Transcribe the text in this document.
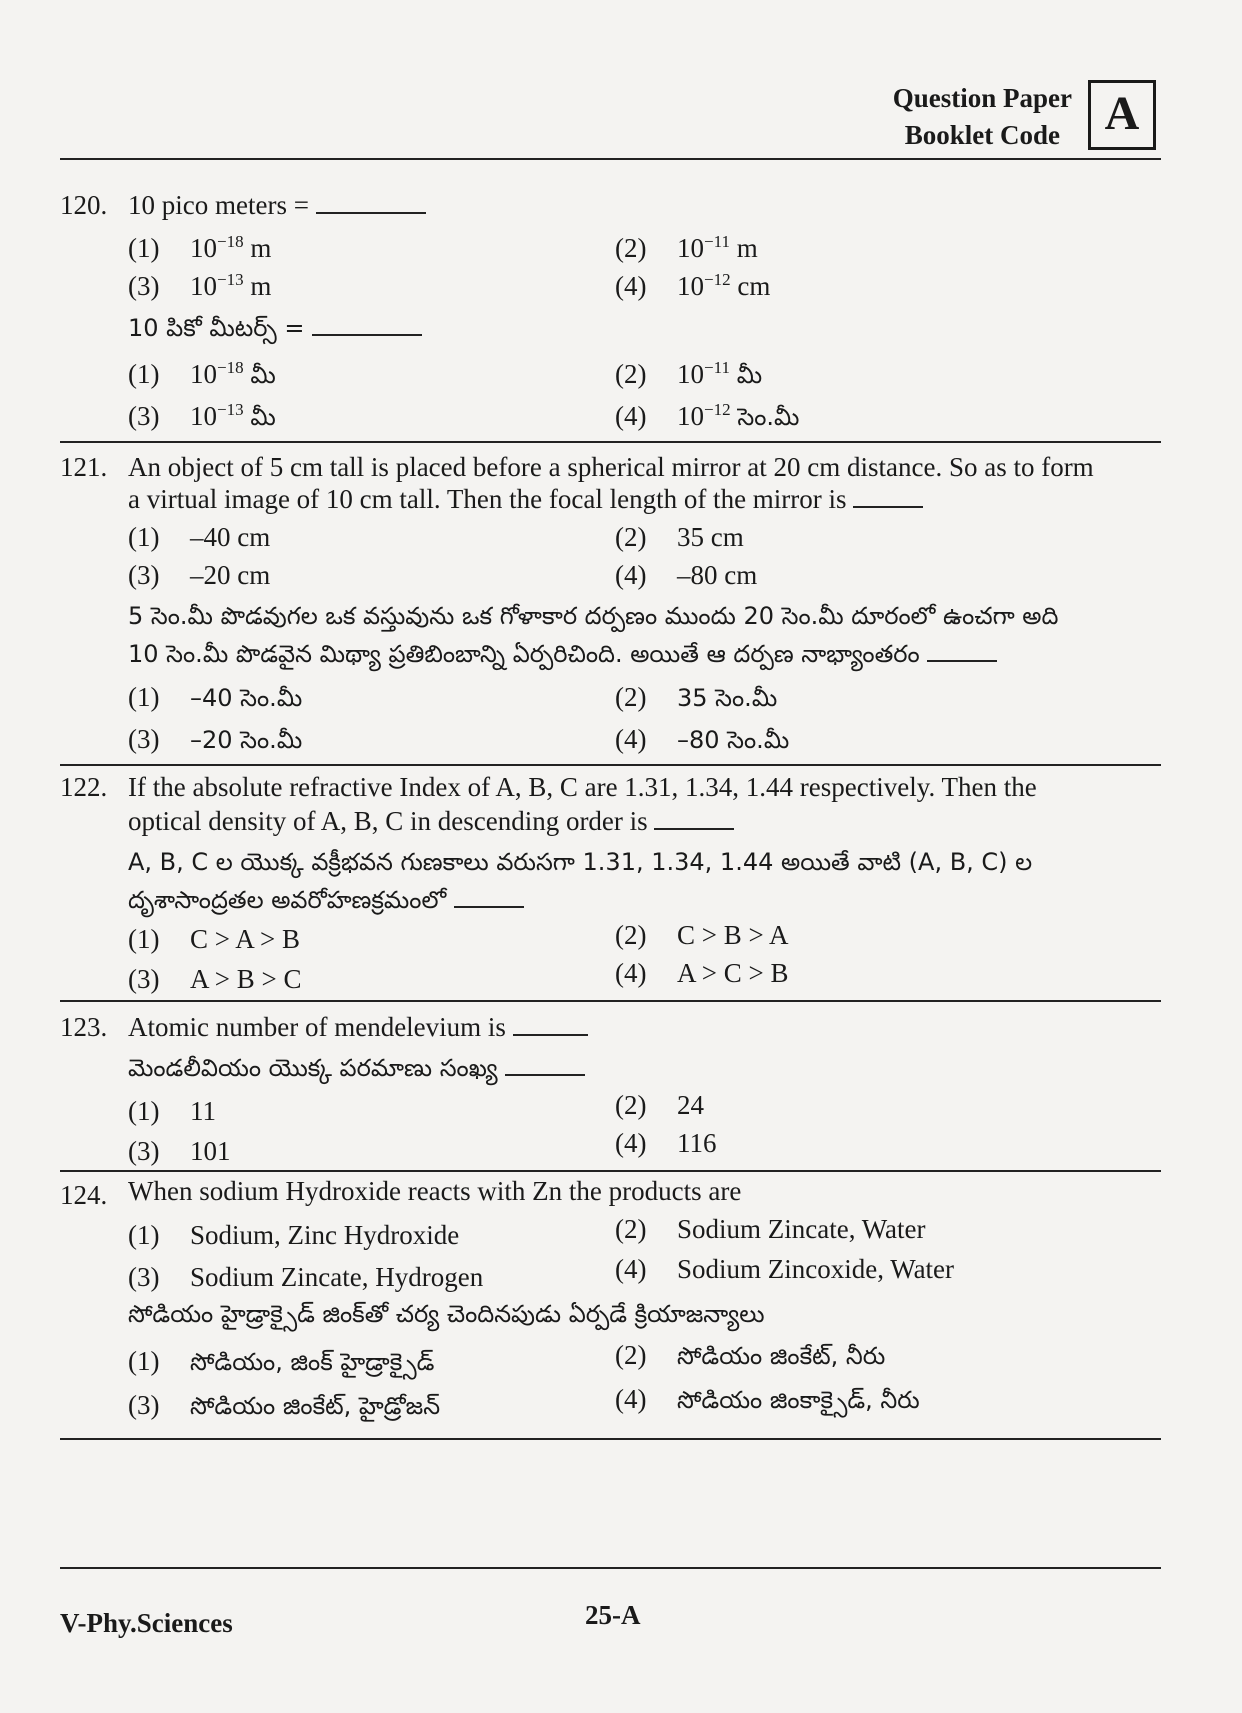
Question Paper
Booklet Code A
120. 10 pico meters =
(1) $10^{-18}$ m	(2) $10^{-11}$ m
(3) $10^{-13}$ m	(4) $10^{-12}$ cm
10 పికో మీటర్స్ =
(1) $10^{-18}$ మీ	(2) $10^{-11}$ మీ
(3) $10^{-13}$ మీ	(4) $10^{-12}$ సెం.మీ
121. An object of 5 cm tall is placed before a spherical mirror at 20 cm distance. So as to form
a virtual image of 10 cm tall. Then the focal length of the mirror is
(1) –40 cm	(2) 35 cm
(3) –20 cm	(4) –80 cm
5 సెం.మీ పొడవుగల ఒక వస్తువును ఒక గోళాకార దర్పణం ముందు 20 సెం.మీ దూరంలో ఉంచగా అది
10 సెం.మీ పొడవైన మిథ్యా ప్రతిబింబాన్ని ఏర్పరిచింది. అయితే ఆ దర్పణ నాభ్యాంతరం
(1) –40 సెం.మీ	(2) 35 సెం.మీ
(3) –20 సెం.మీ	(4) –80 సెం.మీ
122. If the absolute refractive Index of A, B, C are 1.31, 1.34, 1.44 respectively. Then the
optical density of A, B, C in descending order is
A, B, C ల యొక్క వక్రీభవన గుణకాలు వరుసగా 1.31, 1.34, 1.44 అయితే వాటి (A, B, C) ల
దృశాసాంద్రతల అవరోహణక్రమంలో
(1) C > A > B	(2) C > B > A
(3) A > B > C	(4) A > C > B
123. Atomic number of mendelevium is
మెండలీవియం యొక్క పరమాణు సంఖ్య
(1) 11	(2) 24
(3) 101	(4) 116
124. When sodium Hydroxide reacts with Zn the products are
(1) Sodium, Zinc Hydroxide	(2) Sodium Zincate, Water
(3) Sodium Zincate, Hydrogen	(4) Sodium Zincoxide, Water
సోడియం హైడ్రాక్సైడ్ జింక్‌తో చర్య చెందినపుడు ఏర్పడే క్రియాజన్యాలు
(1) సోడియం, జింక్ హైడ్రాక్సైడ్	(2) సోడియం జింకేట్, నీరు
(3) సోడియం జింకేట్, హైడ్రోజన్	(4) సోడియం జింకాక్సైడ్, నీరు
V-Phy.Sciences	25-A
